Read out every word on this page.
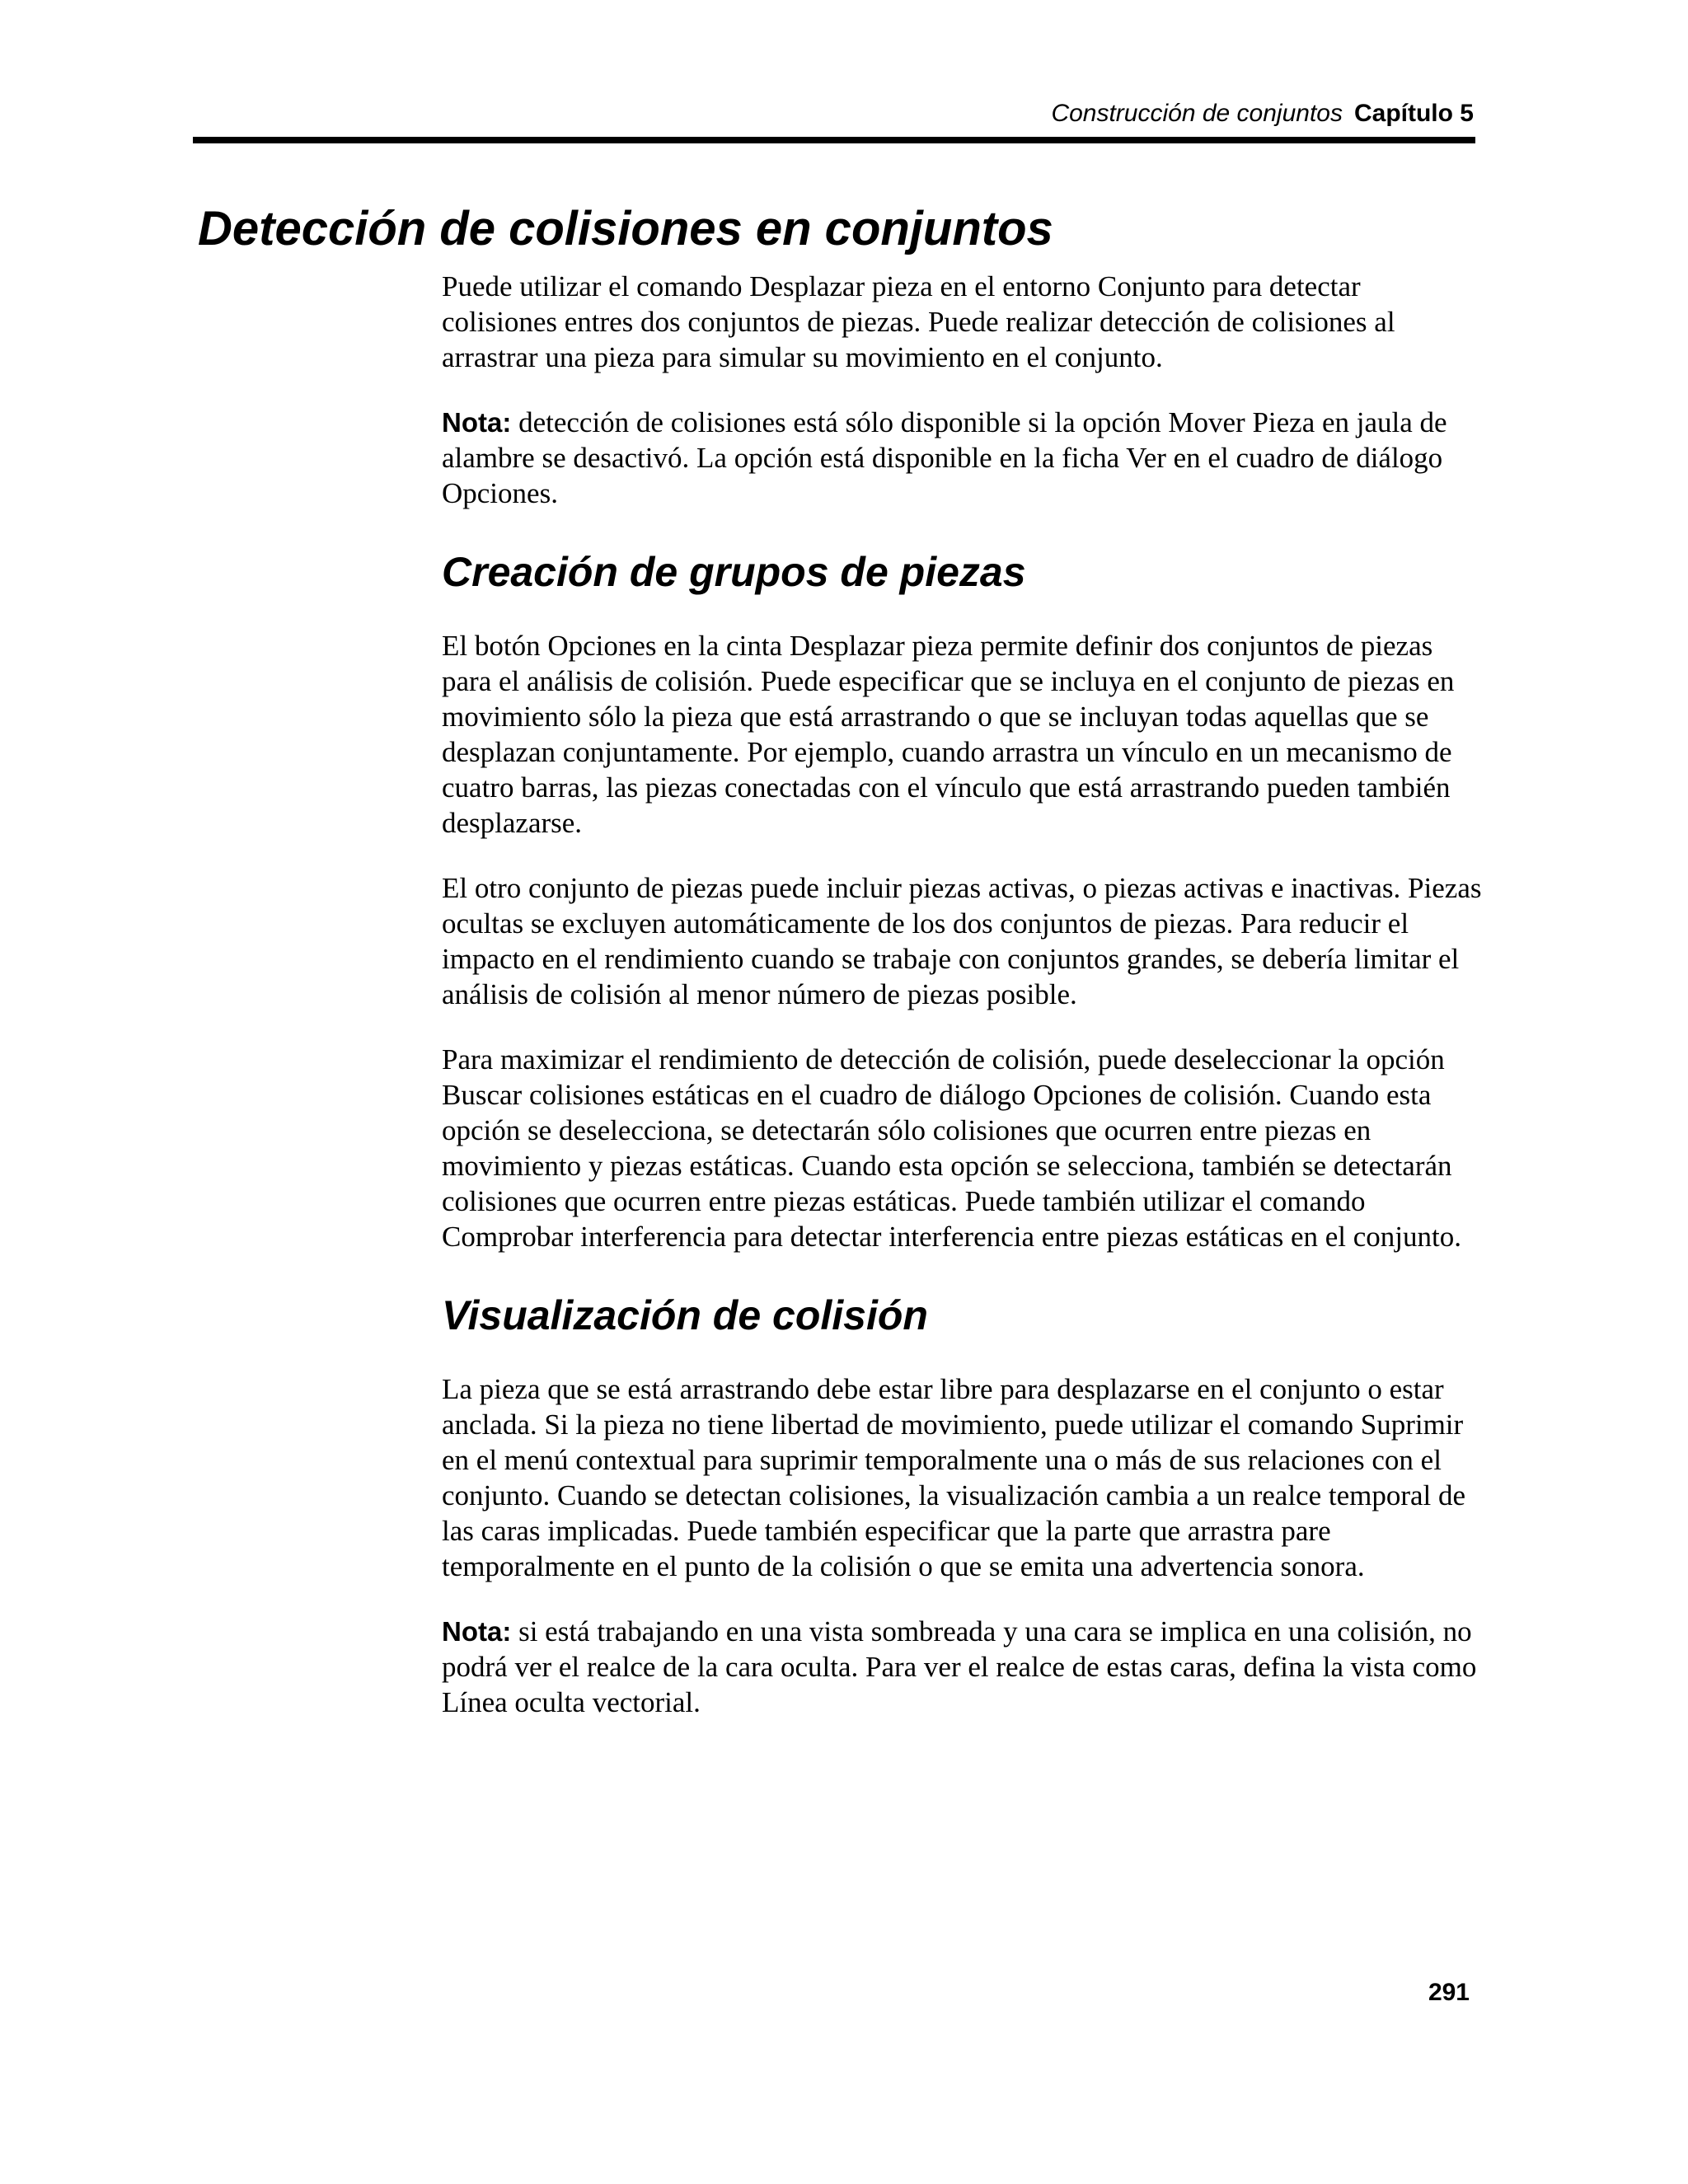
Construcción de conjuntos Capítulo 5
Detección de colisiones en conjuntos

Puede utilizar el comando Desplazar pieza en el entorno Conjunto para detectar colisiones entres dos conjuntos de piezas. Puede realizar detección de colisiones al arrastrar una pieza para simular su movimiento en el conjunto.

Nota: detección de colisiones está sólo disponible si la opción Mover Pieza en jaula de alambre se desactivó. La opción está disponible en la ficha Ver en el cuadro de diálogo Opciones.

Creación de grupos de piezas

El botón Opciones en la cinta Desplazar pieza permite definir dos conjuntos de piezas para el análisis de colisión. Puede especificar que se incluya en el conjunto de piezas en movimiento sólo la pieza que está arrastrando o que se incluyan todas aquellas que se desplazan conjuntamente. Por ejemplo, cuando arrastra un vínculo en un mecanismo de cuatro barras, las piezas conectadas con el vínculo que está arrastrando pueden también desplazarse.

El otro conjunto de piezas puede incluir piezas activas, o piezas activas e inactivas. Piezas ocultas se excluyen automáticamente de los dos conjuntos de piezas. Para reducir el impacto en el rendimiento cuando se trabaje con conjuntos grandes, se debería limitar el análisis de colisión al menor número de piezas posible.

Para maximizar el rendimiento de detección de colisión, puede deseleccionar la opción Buscar colisiones estáticas en el cuadro de diálogo Opciones de colisión. Cuando esta opción se deselecciona, se detectarán sólo colisiones que ocurren entre piezas en movimiento y piezas estáticas. Cuando esta opción se selecciona, también se detectarán colisiones que ocurren entre piezas estáticas. Puede también utilizar el comando Comprobar interferencia para detectar interferencia entre piezas estáticas en el conjunto.

Visualización de colisión

La pieza que se está arrastrando debe estar libre para desplazarse en el conjunto o estar anclada. Si la pieza no tiene libertad de movimiento, puede utilizar el comando Suprimir en el menú contextual para suprimir temporalmente una o más de sus relaciones con el conjunto. Cuando se detectan colisiones, la visualización cambia a un realce temporal de las caras implicadas. Puede también especificar que la parte que arrastra pare temporalmente en el punto de la colisión o que se emita una advertencia sonora.

Nota: si está trabajando en una vista sombreada y una cara se implica en una colisión, no podrá ver el realce de la cara oculta. Para ver el realce de estas caras, defina la vista como Línea oculta vectorial.

291
